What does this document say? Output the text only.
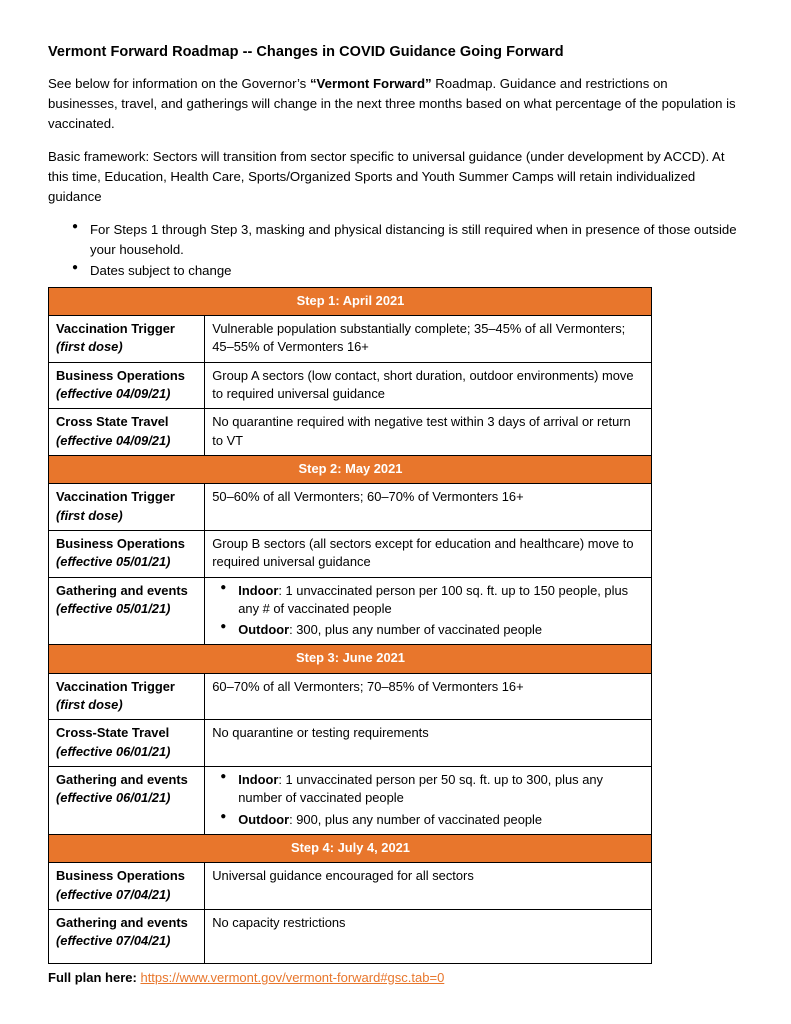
Vermont Forward Roadmap -- Changes in COVID Guidance Going Forward

See below for information on the Governor’s “Vermont Forward” Roadmap. Guidance and restrictions on businesses, travel, and gatherings will change in the next three months based on what percentage of the population is vaccinated.

Basic framework: Sectors will transition from sector specific to universal guidance (under development by ACCD). At this time, Education, Health Care, Sports/Organized Sports and Youth Summer Camps will retain individualized guidance

● For Steps 1 through Step 3, masking and physical distancing is still required when in presence of those outside your household.
● Dates subject to change
Step 1: April 2021	
Vaccination Trigger
(first dose)	Vulnerable population substantially complete; 35–45% of all Vermonters; 45–55% of Vermonters 16+
Business Operations
(effective 04/09/21)	Group A sectors (low contact, short duration, outdoor environments) move to required universal guidance
Cross State Travel
(effective 04/09/21)	No quarantine required with negative test within 3 days of arrival or return to VT
Step 2: May 2021	
Vaccination Trigger
(first dose)	50–60% of all Vermonters; 60–70% of Vermonters 16+
Business Operations
(effective 05/01/21)	Group B sectors (all sectors except for education and healthcare) move to required universal guidance
Gathering and events
(effective 05/01/21)	
● Indoor: 1 unvaccinated person per 100 sq. ft. up to 150 people, plus any # of vaccinated people
● Outdoor: 300, plus any number of vaccinated people

Step 3: June 2021	
Vaccination Trigger
(first dose)	60–70% of all Vermonters; 70–85% of Vermonters 16+
Cross-State Travel
(effective 06/01/21)	No quarantine or testing requirements
Gathering and events
(effective 06/01/21)	
● Indoor: 1 unvaccinated person per 50 sq. ft. up to 300, plus any number of vaccinated people
● Outdoor: 900, plus any number of vaccinated people

Step 4: July 4, 2021	
Business Operations
(effective 07/04/21)	Universal guidance encouraged for all sectors
Gathering and events
(effective 07/04/21)	No capacity restrictions
Full plan here: https://www.vermont.gov/vermont-forward#gsc.tab=0
